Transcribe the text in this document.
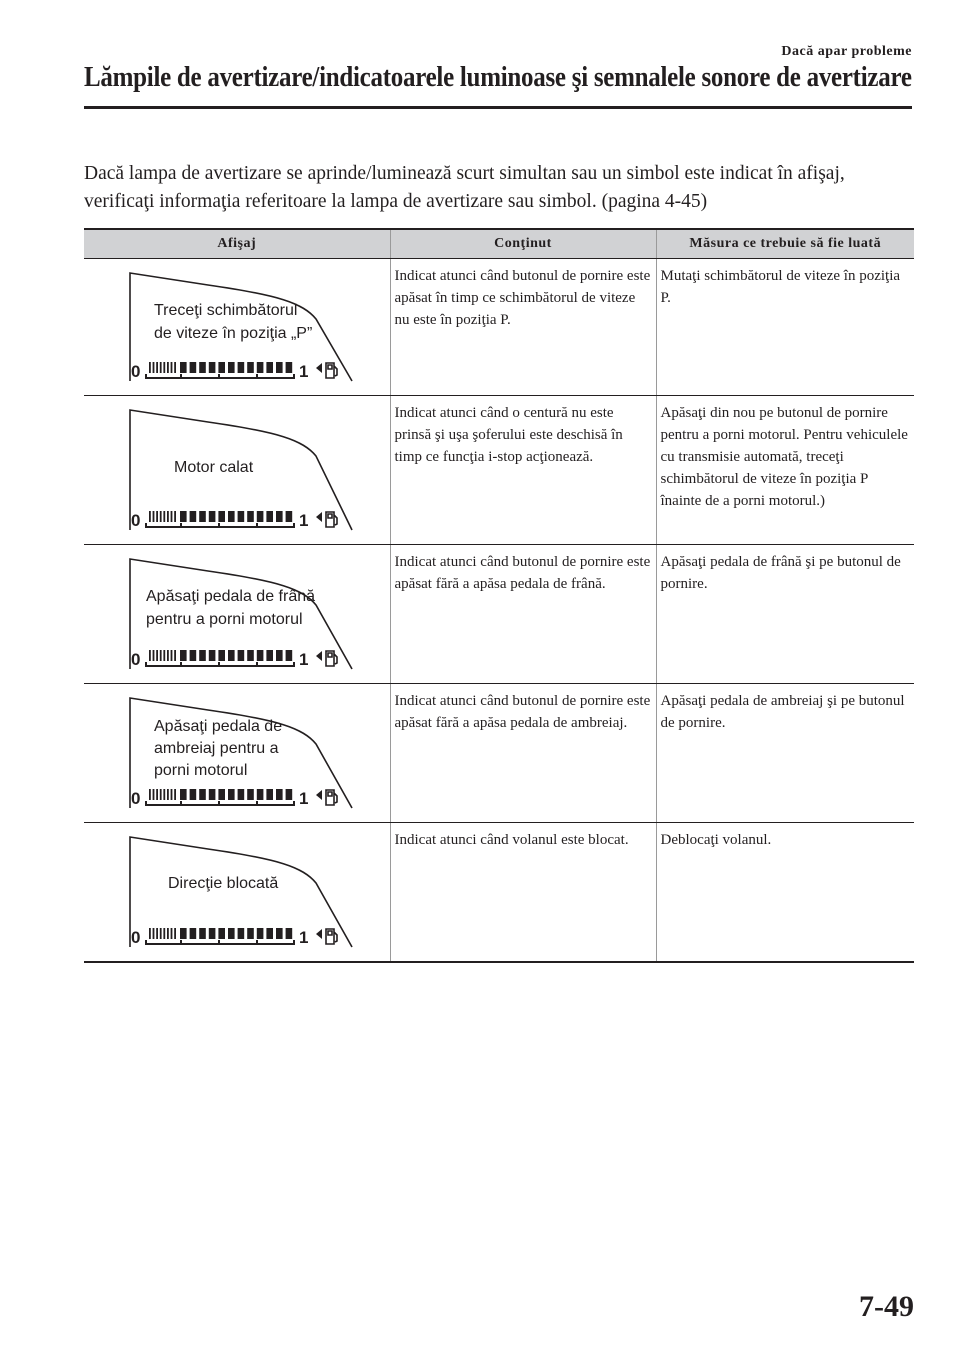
Dacă apar probleme
Lămpile de avertizare/indicatoarele luminoase şi semnalele sonore de avertizare

Dacă lampa de avertizare se aprinde/luminează scurt simultan sau un simbol este indicat în afişaj, verificaţi informaţia referitoare la lampa de avertizare sau simbol. (pagina 4-45)

Afişaj	Conţinut	Măsura ce trebuie să fie luată

Treceţi schimbătorul
de viteze în poziţia „P”
0 1	Indicat atunci când butonul de pornire este apăsat în timp ce schimbătorul de viteze nu este în poziţia P.	Mutaţi schimbătorul de viteze în poziţia P.

Motor calat
0 1	Indicat atunci când o centură nu este prinsă şi uşa şoferului este deschisă în timp ce funcţia i-stop acţionează.	Apăsaţi din nou pe butonul de pornire pentru a porni motorul. Pentru vehiculele cu transmisie automată, treceţi schimbătorul de viteze în poziţia P înainte de a porni motorul.)

Apăsaţi pedala de frână
pentru a porni motorul
0 1	Indicat atunci când butonul de pornire este apăsat fără a apăsa pedala de frână.	Apăsaţi pedala de frână şi pe butonul de pornire.

Apăsaţi pedala de
ambreiaj pentru a
porni motorul
0 1	Indicat atunci când butonul de pornire este apăsat fără a apăsa pedala de ambreiaj.	Apăsaţi pedala de ambreiaj şi pe butonul de pornire.

Direcţie blocată
0 1	Indicat atunci când volanul este blocat.	Deblocaţi volanul.
7-49
